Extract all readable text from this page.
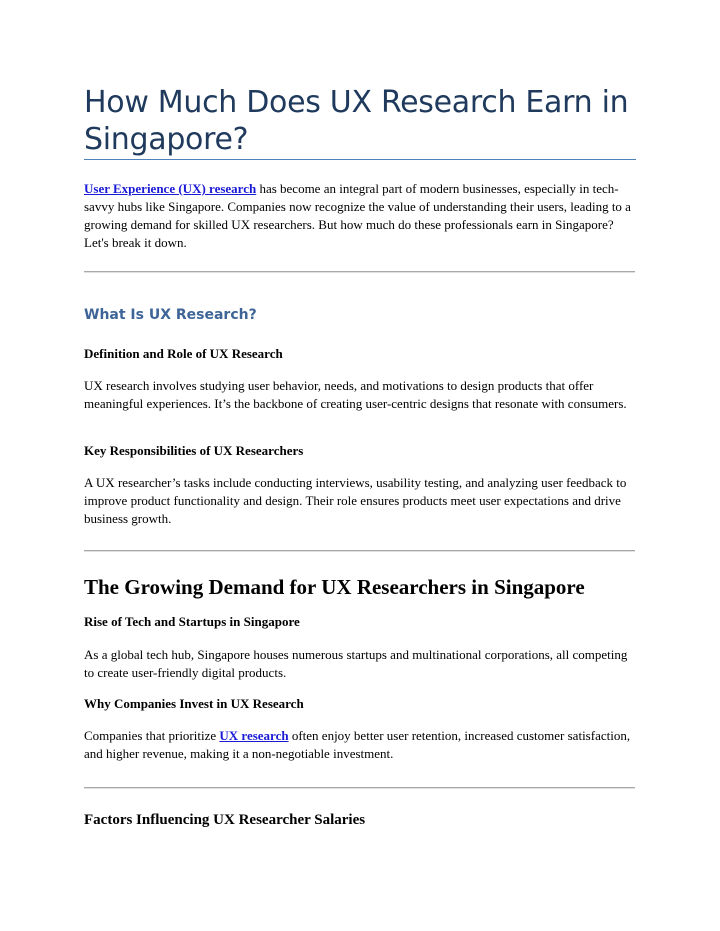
How Much Does UX Research Earn in Singapore?

User Experience (UX) research has become an integral part of modern businesses, especially in tech-savvy hubs like Singapore. Companies now recognize the value of understanding their users, leading to a growing demand for skilled UX researchers. But how much do these professionals earn in Singapore? Let's break it down.

What Is UX Research?
Definition and Role of UX Research

UX research involves studying user behavior, needs, and motivations to design products that offer meaningful experiences. It’s the backbone of creating user-centric designs that resonate with consumers.

Key Responsibilities of UX Researchers

A UX researcher’s tasks include conducting interviews, usability testing, and analyzing user feedback to improve product functionality and design. Their role ensures products meet user expectations and drive business growth.

The Growing Demand for UX Researchers in Singapore
Rise of Tech and Startups in Singapore

As a global tech hub, Singapore houses numerous startups and multinational corporations, all competing to create user-friendly digital products.

Why Companies Invest in UX Research

Companies that prioritize UX research often enjoy better user retention, increased customer satisfaction, and higher revenue, making it a non-negotiable investment.

Factors Influencing UX Researcher Salaries
